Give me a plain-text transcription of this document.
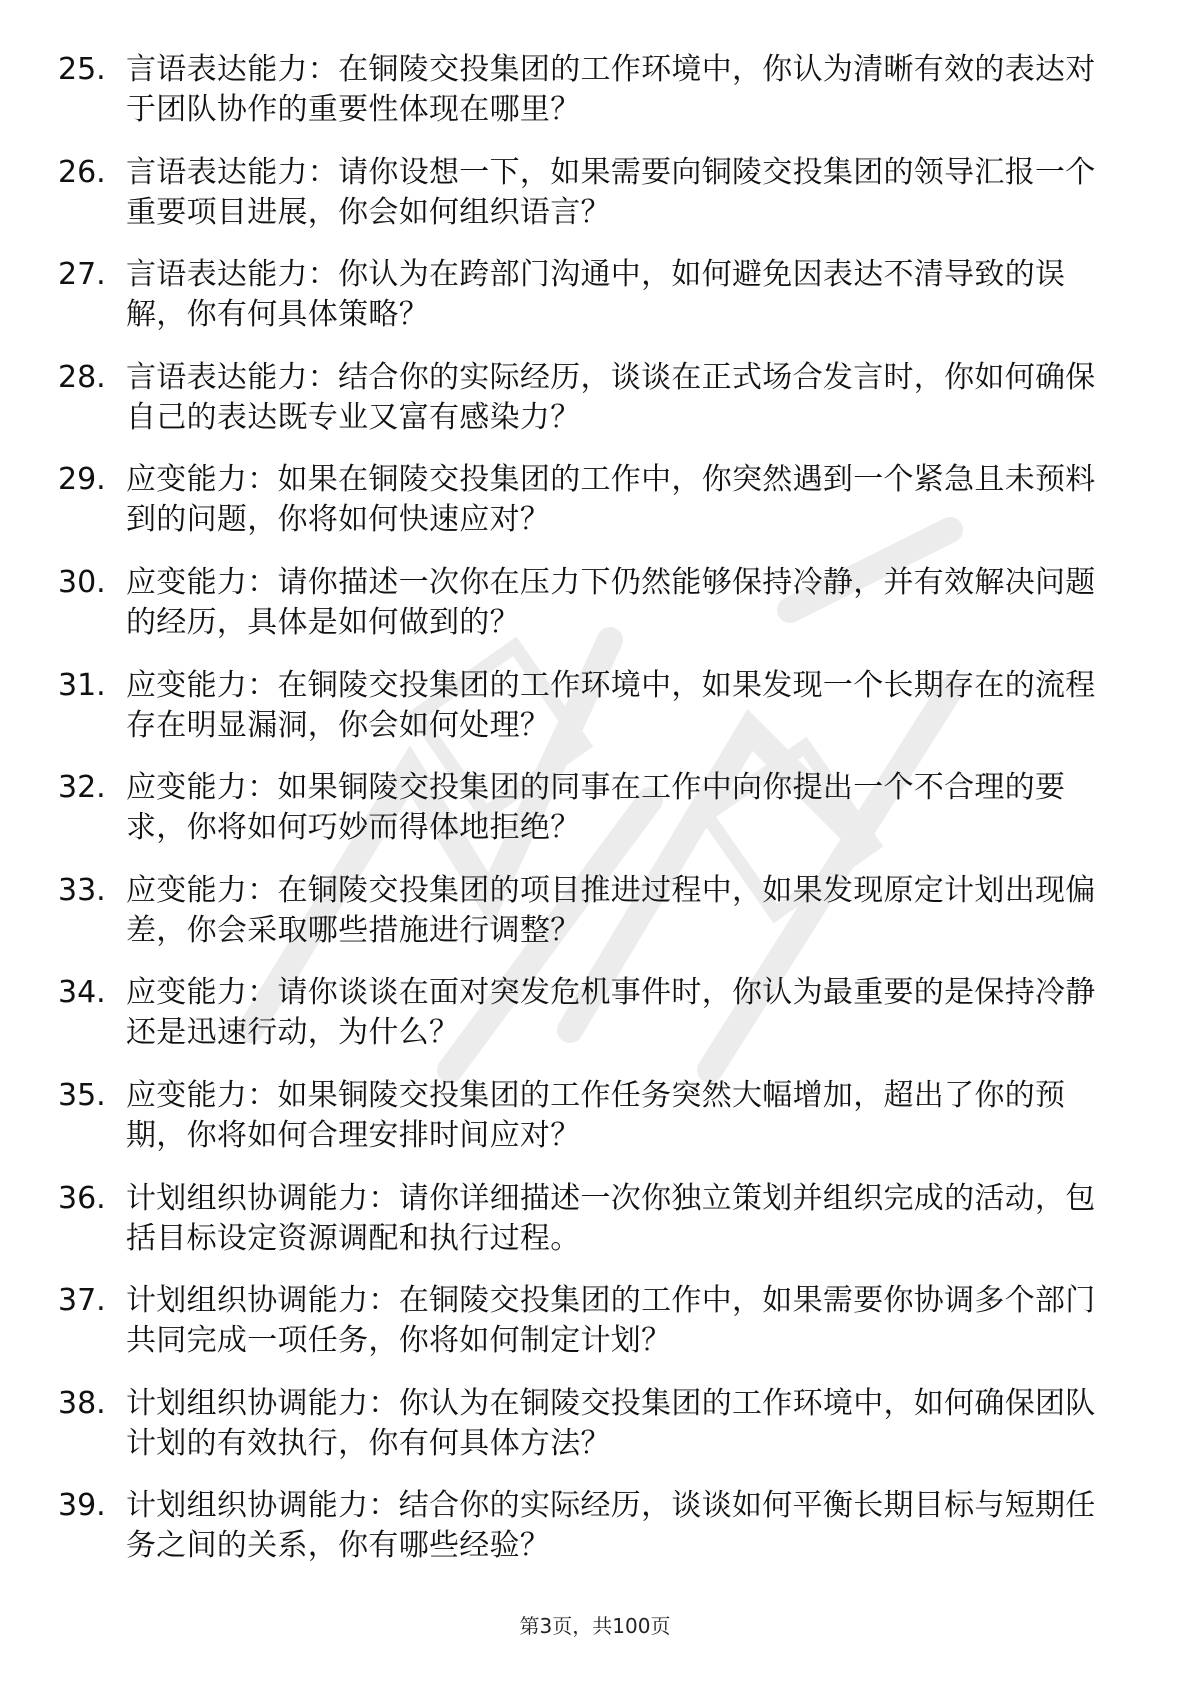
25. 言语表达能力：在铜陵交投集团的工作环境中，你认为清晰有效的表达对于团队协作的重要性体现在哪里？
26. 言语表达能力：请你设想一下，如果需要向铜陵交投集团的领导汇报一个重要项目进展，你会如何组织语言？
27. 言语表达能力：你认为在跨部门沟通中，如何避免因表达不清导致的误解，你有何具体策略？
28. 言语表达能力：结合你的实际经历，谈谈在正式场合发言时，你如何确保自己的表达既专业又富有感染力？
29. 应变能力：如果在铜陵交投集团的工作中，你突然遇到一个紧急且未预料到的问题，你将如何快速应对？
30. 应变能力：请你描述一次你在压力下仍然能够保持冷静，并有效解决问题的经历，具体是如何做到的？
31. 应变能力：在铜陵交投集团的工作环境中，如果发现一个长期存在的流程存在明显漏洞，你会如何处理？
32. 应变能力：如果铜陵交投集团的同事在工作中向你提出一个不合理的要求，你将如何巧妙而得体地拒绝？
33. 应变能力：在铜陵交投集团的项目推进过程中，如果发现原定计划出现偏差，你会采取哪些措施进行调整？
34. 应变能力：请你谈谈在面对突发危机事件时，你认为最重要的是保持冷静还是迅速行动，为什么？
35. 应变能力：如果铜陵交投集团的工作任务突然大幅增加，超出了你的预期，你将如何合理安排时间应对？
36. 计划组织协调能力：请你详细描述一次你独立策划并组织完成的活动，包括目标设定资源调配和执行过程。
37. 计划组织协调能力：在铜陵交投集团的工作中，如果需要你协调多个部门共同完成一项任务，你将如何制定计划？
38. 计划组织协调能力：你认为在铜陵交投集团的工作环境中，如何确保团队计划的有效执行，你有何具体方法？
39. 计划组织协调能力：结合你的实际经历，谈谈如何平衡长期目标与短期任务之间的关系，你有哪些经验？
第3页，共100页
